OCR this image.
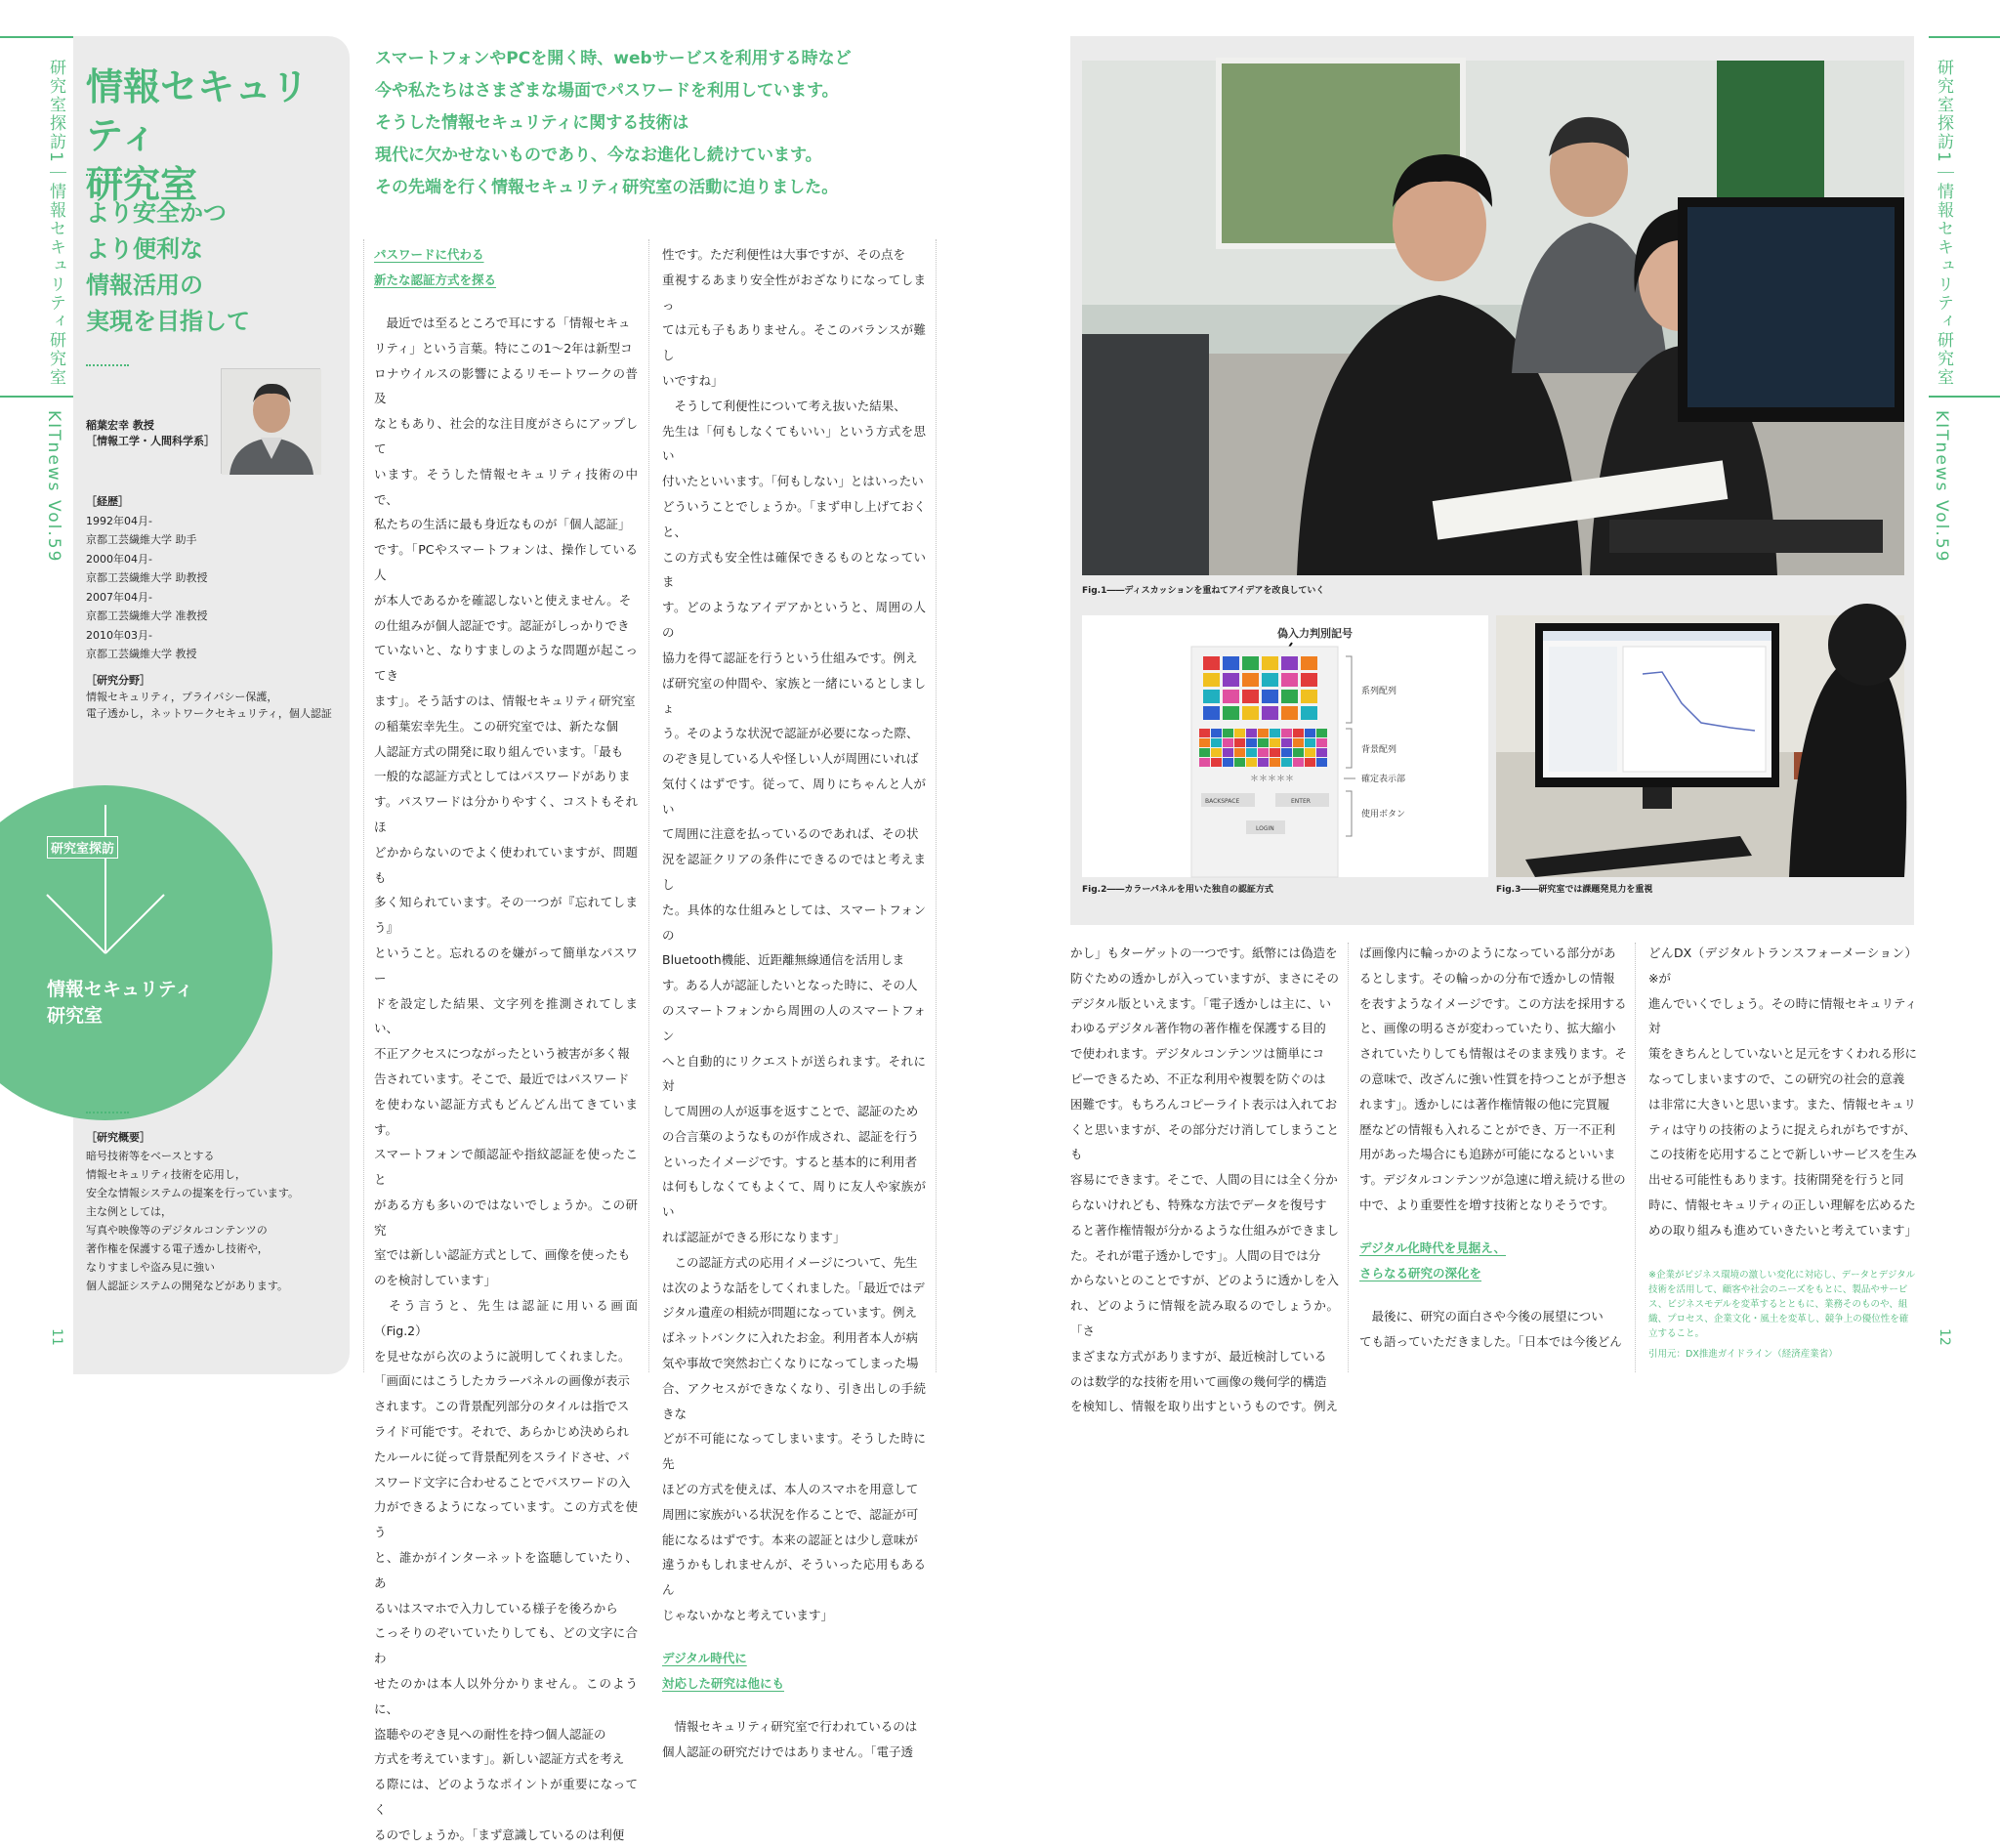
研究室探訪1｜情報セキュリティ研究室
KITnews Vol.59
11
情報セキュリティ
研究室
より安全かつ
より便利な
情報活用の
実現を目指して
稲葉宏幸 教授
［情報工学・人間科学系］
［経歴］
1992年04月-
京都工芸繊維大学 助手
2000年04月-
京都工芸繊維大学 助教授
2007年04月-
京都工芸繊維大学 准教授
2010年03月-
京都工芸繊維大学 教授
［研究分野］
情報セキュリティ，プライバシー保護，
電子透かし，ネットワークセキュリティ，個人認証
研究室探訪
情報セキュリティ
研究室
［研究概要］
暗号技術等をベースとする
情報セキュリティ技術を応用し，
安全な情報システムの提案を行っています。
主な例としては，
写真や映像等のデジタルコンテンツの
著作権を保護する電子透かし技術や，
なりすましや盗み見に強い
個人認証システムの開発などがあります。
スマートフォンやPCを開く時、webサービスを利用する時など
今や私たちはさまざまな場面でパスワードを利用しています。
そうした情報セキュリティに関する技術は
現代に欠かせないものであり、今なお進化し続けています。
その先端を行く情報セキュリティ研究室の活動に迫りました。
パスワードに代わる
新たな認証方式を探る
　最近では至るところで耳にする「情報セキュ
リティ」という言葉。特にこの1～2年は新型コ
ロナウイルスの影響によるリモートワークの普及
なともあり、社会的な注目度がさらにアップして
います。そうした情報セキュリティ技術の中で、
私たちの生活に最も身近なものが「個人認証」
です。「PCやスマートフォンは、操作している人
が本人であるかを確認しないと使えません。そ
の仕組みが個人認証です。認証がしっかりでき
ていないと、なりすましのような問題が起こってき
ます」。そう話すのは、情報セキュリティ研究室
の稲葉宏幸先生。この研究室では、新たな個
人認証方式の開発に取り組んでいます。「最も
一般的な認証方式としてはパスワードがありま
す。パスワードは分かりやすく、コストもそれほ
どかからないのでよく使われていますが、問題も
多く知られています。その一つが『忘れてしまう』
ということ。忘れるのを嫌がって簡単なパスワー
ドを設定した結果、文字列を推測されてしまい、
不正アクセスにつながったという被害が多く報
告されています。そこで、最近ではパスワード
を使わない認証方式もどんどん出てきています。
スマートフォンで顔認証や指紋認証を使ったこと
がある方も多いのではないでしょうか。この研究
室では新しい認証方式として、画像を使ったも
のを検討しています」
　そう言うと、先生は認証に用いる画面（Fig.2）
を見せながら次のように説明してくれました。
「画面にはこうしたカラーパネルの画像が表示
されます。この背景配列部分のタイルは指でス
ライド可能です。それで、あらかじめ決められ
たルールに従って背景配列をスライドさせ、パ
スワード文字に合わせることでパスワードの入
力ができるようになっています。この方式を使う
と、誰かがインターネットを盗聴していたり、あ
るいはスマホで入力している様子を後ろから
こっそりのぞいていたりしても、どの文字に合わ
せたのかは本人以外分かりません。このように、
盗聴やのぞき見への耐性を持つ個人認証の
方式を考えています」。新しい認証方式を考え
る際には、どのようなポイントが重要になってく
るのでしょうか。「まず意識しているのは利便
性です。ただ利便性は大事ですが、その点を
重視するあまり安全性がおざなりになってしまっ
ては元も子もありません。そこのバランスが難し
いですね」
　そうして利便性について考え抜いた結果、
先生は「何もしなくてもいい」という方式を思い
付いたといいます。「何もしない」とはいったい
どういうことでしょうか。「まず申し上げておくと、
この方式も安全性は確保できるものとなっていま
す。どのようなアイデアかというと、周囲の人の
協力を得て認証を行うという仕組みです。例え
ば研究室の仲間や、家族と一緒にいるとしましょ
う。そのような状況で認証が必要になった際、
のぞき見している人や怪しい人が周囲にいれば
気付くはずです。従って、周りにちゃんと人がい
て周囲に注意を払っているのであれば、その状
況を認証クリアの条件にできるのではと考えまし
た。具体的な仕組みとしては、スマートフォンの
Bluetooth機能、近距離無線通信を活用しま
す。ある人が認証したいとなった時に、その人
のスマートフォンから周囲の人のスマートフォン
へと自動的にリクエストが送られます。それに対
して周囲の人が返事を返すことで、認証のため
の合言葉のようなものが作成され、認証を行う
といったイメージです。すると基本的に利用者
は何もしなくてもよくて、周りに友人や家族がい
れば認証ができる形になります」
　この認証方式の応用イメージについて、先生
は次のような話をしてくれました。「最近ではデ
ジタル遺産の相続が問題になっています。例え
ばネットバンクに入れたお金。利用者本人が病
気や事故で突然お亡くなりになってしまった場
合、アクセスができなくなり、引き出しの手続きな
どが不可能になってしまいます。そうした時に先
ほどの方式を使えば、本人のスマホを用意して
周囲に家族がいる状況を作ることで、認証が可
能になるはずです。本来の認証とは少し意味が
違うかもしれませんが、そういった応用もあるん
じゃないかなと考えています」
デジタル時代に
対応した研究は他にも
　情報セキュリティ研究室で行われているのは
個人認証の研究だけではありません。「電子透
Fig.1――ディスカッションを重ねてアイデアを改良していく
偽入力判別記号
＊＊＊＊＊
BACKSPACE	ENTER
LOGIN
系列配列
背景配列
確定表示部
使用ボタン
Fig.2――カラーパネルを用いた独自の認証方式	Fig.3――研究室では課題発見力を重視
かし」もターゲットの一つです。紙幣には偽造を
防ぐための透かしが入っていますが、まさにその
デジタル版といえます。「電子透かしは主に、い
わゆるデジタル著作物の著作権を保護する目的
で使われます。デジタルコンテンツは簡単にコ
ピーできるため、不正な利用や複製を防ぐのは
困難です。もちろんコピーライト表示は入れてお
くと思いますが、その部分だけ消してしまうことも
容易にできます。そこで、人間の目には全く分か
らないけれども、特殊な方法でデータを復号す
ると著作権情報が分かるような仕組みができまし
た。それが電子透かしです」。人間の目では分
からないとのことですが、どのように透かしを入
れ、どのように情報を読み取るのでしょうか。「さ
まざまな方式がありますが、最近検討している
のは数学的な技術を用いて画像の幾何学的構造
を検知し、情報を取り出すというものです。例え
ば画像内に輪っかのようになっている部分があ
るとします。その輪っかの分布で透かしの情報
を表すようなイメージです。この方法を採用する
と、画像の明るさが変わっていたり、拡大縮小
されていたりしても情報はそのまま残ります。そ
の意味で、改ざんに強い性質を持つことが予想さ
れます」。透かしには著作権情報の他に完買履
歴などの情報も入れることができ、万一不正利
用があった場合にも追跡が可能になるといいま
す。デジタルコンテンツが急速に増え続ける世の
中で、より重要性を増す技術となりそうです。
デジタル化時代を見据え、
さらなる研究の深化を
　最後に、研究の面白さや今後の展望につい
ても語っていただきました。「日本では今後どん
どんDX（デジタルトランスフォーメーション）※が
進んでいくでしょう。その時に情報セキュリティ対
策をきちんとしていないと足元をすくわれる形に
なってしまいますので、この研究の社会的意義
は非常に大きいと思います。また、情報セキュリ
ティは守りの技術のように捉えられがちですが、
この技術を応用することで新しいサービスを生み
出せる可能性もあります。技術開発を行うと同
時に、情報セキュリティの正しい理解を広めるた
めの取り組みも進めていきたいと考えています」
※企業がビジネス環境の激しい変化に対応し、データとデジタル技術を活用して、顧客や社会のニーズをもとに、製品やサービス、ビジネスモデルを変革するとともに、業務そのものや、組織、プロセス、企業文化・風土を変革し、競争上の優位性を確立すること。
引用元：DX推進ガイドライン（経済産業省）
研究室探訪1｜情報セキュリティ研究室
KITnews Vol.59
12
